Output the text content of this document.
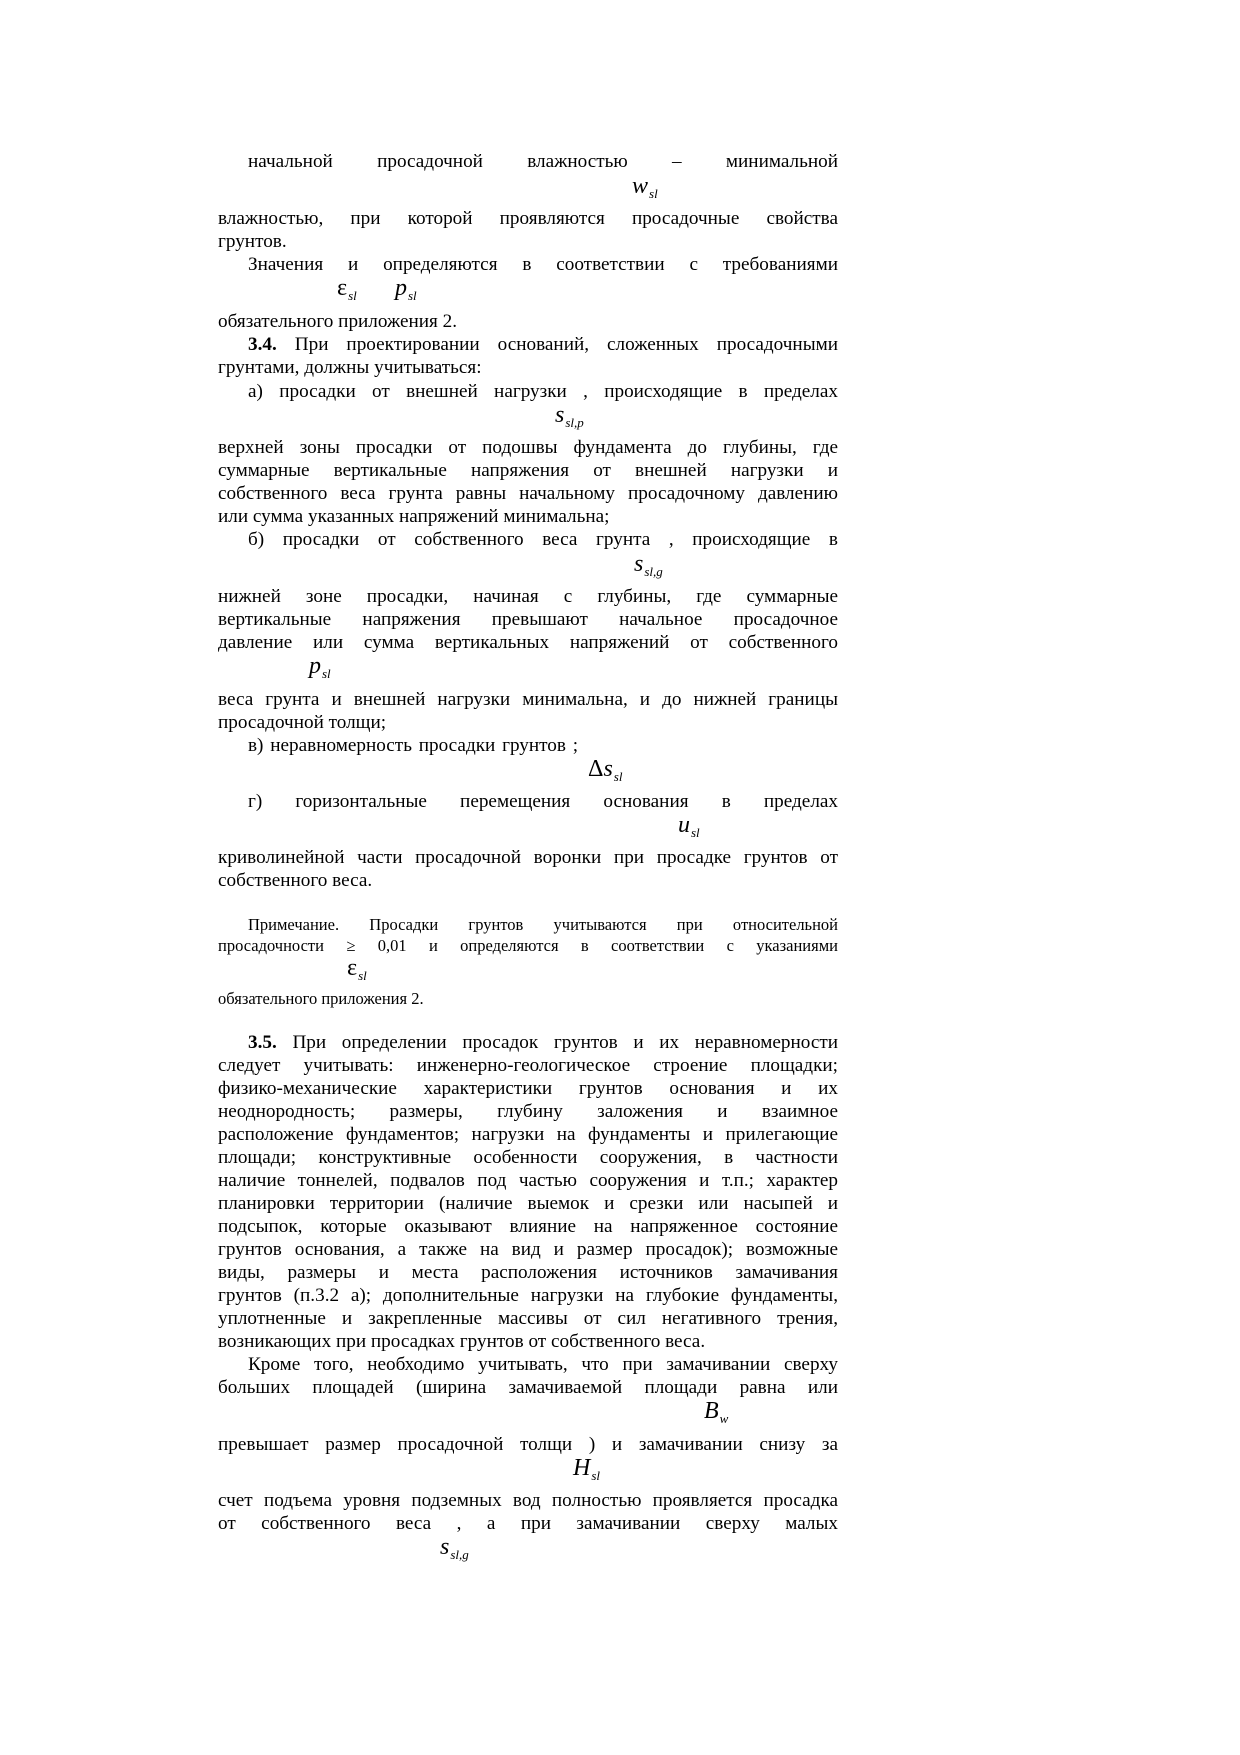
начальной просадочной влажностью – минимальной

$w_{sl}$

влажностью, при которой проявляются просадочные свойства

грунтов.

Значения и определяются в соответствии с требованиями

$\varepsilon_{sl}$ $p_{sl}$

обязательного приложения 2.

3.4. При проектировании оснований, сложенных просадочными

грунтами, должны учитываться:

а) просадки от внешней нагрузки , происходящие в пределах

$s_{sl,p}$

верхней зоны просадки от подошвы фундамента до глубины, где

суммарные вертикальные напряжения от внешней нагрузки и

собственного веса грунта равны начальному просадочному давлению

или сумма указанных напряжений минимальна;

б) просадки от собственного веса грунта , происходящие в

$s_{sl,g}$

нижней зоне просадки, начиная с глубины, где суммарные

вертикальные напряжения превышают начальное просадочное

давление или сумма вертикальных напряжений от собственного

$p_{sl}$

веса грунта и внешней нагрузки минимальна, и до нижней границы

просадочной толщи;

в) неравномерность просадки грунтов ;

$\Delta s_{sl}$

г) горизонтальные перемещения основания в пределах

$u_{sl}$

криволинейной части просадочной воронки при просадке грунтов от

собственного веса.

Примечание. Просадки грунтов учитываются при относительной

просадочности ≥ 0,01 и определяются в соответствии с указаниями

$\varepsilon_{sl}$

обязательного приложения 2.

3.5. При определении просадок грунтов и их неравномерности

следует учитывать: инженерно-геологическое строение площадки;

физико-механические характеристики грунтов основания и их

неоднородность; размеры, глубину заложения и взаимное

расположение фундаментов; нагрузки на фундаменты и прилегающие

площади; конструктивные особенности сооружения, в частности

наличие тоннелей, подвалов под частью сооружения и т.п.; характер

планировки территории (наличие выемок и срезки или насыпей и

подсыпок, которые оказывают влияние на напряженное состояние

грунтов основания, а также на вид и размер просадок); возможные

виды, размеры и места расположения источников замачивания

грунтов (п.3.2 а); дополнительные нагрузки на глубокие фундаменты,

уплотненные и закрепленные массивы от сил негативного трения,

возникающих при просадках грунтов от собственного веса.

Кроме того, необходимо учитывать, что при замачивании сверху

больших площадей (ширина замачиваемой площади равна или

$B_w$

превышает размер просадочной толщи ) и замачивании снизу за

$H_{sl}$

счет подъема уровня подземных вод полностью проявляется просадка

от собственного веса , а при замачивании сверху малых

$s_{sl,g}$
